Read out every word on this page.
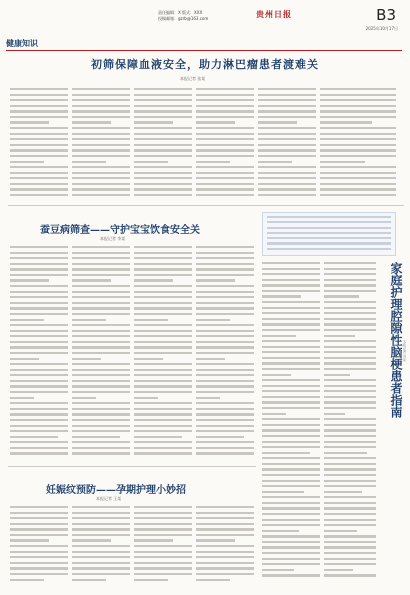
责任编辑：X 版式：XXX
投稿邮箱：gzrb@163.com	贵州日报	B3
2025年10月17日
健康知识
初筛保障血液安全，助力淋巴瘤患者渡难关
本报记者 张某
蚕豆病筛查——守护宝宝饮食安全关
本报记者 李某

家庭护理腔隙性脑梗患者指南 本报记者 刘某
妊娠纹预防——孕期护理小妙招
本报记者 王某
